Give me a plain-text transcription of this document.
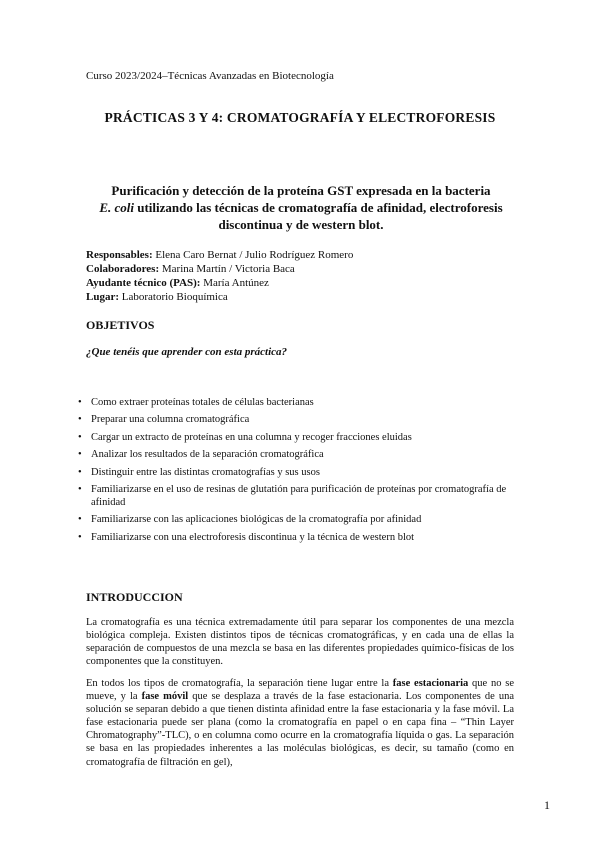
Curso 2023/2024–Técnicas Avanzadas en Biotecnología
PRÁCTICAS 3 Y 4: CROMATOGRAFÍA Y ELECTROFORESIS
Purificación y detección de la proteína GST expresada en la bacteria
E. coli utilizando las técnicas de cromatografía de afinidad, electroforesis discontinua y de western blot.
Responsables: Elena Caro Bernat / Julio Rodríguez Romero
Colaboradores: Marina Martín / Victoria Baca
Ayudante técnico (PAS): María Antúnez
Lugar: Laboratorio Bioquímica
OBJETIVOS
¿Que tenéis que aprender con esta práctica?
• Como extraer proteínas totales de células bacterianas
• Preparar una columna cromatográfica
• Cargar un extracto de proteínas en una columna y recoger fracciones eluidas
• Analizar los resultados de la separación cromatográfica
• Distinguir entre las distintas cromatografías y sus usos
• Familiarizarse en el uso de resinas de glutatión para purificación de proteínas por cromatografía de afinidad
• Familiarizarse con las aplicaciones biológicas de la cromatografía por afinidad
• Familiarizarse con una electroforesis discontinua y la técnica de western blot
INTRODUCCION

La cromatografía es una técnica extremadamente útil para separar los componentes de una mezcla biológica compleja. Existen distintos tipos de técnicas cromatográficas, y en cada una de ellas la separación de compuestos de una mezcla se basa en las diferentes propiedades químico-físicas de los componentes que la constituyen.

En todos los tipos de cromatografía, la separación tiene lugar entre la fase estacionaria que no se mueve, y la fase móvil que se desplaza a través de la fase estacionaria. Los componentes de una solución se separan debido a que tienen distinta afinidad entre la fase estacionaria y la fase móvil. La fase estacionaria puede ser plana (como la cromatografía en papel o en capa fina – “Thin Layer Chromatography”-TLC), o en columna como ocurre en la cromatografía líquida o gas. La separación se basa en las propiedades inherentes a las moléculas biológicas, es decir, su tamaño (como en cromatografía de filtración en gel),

1
